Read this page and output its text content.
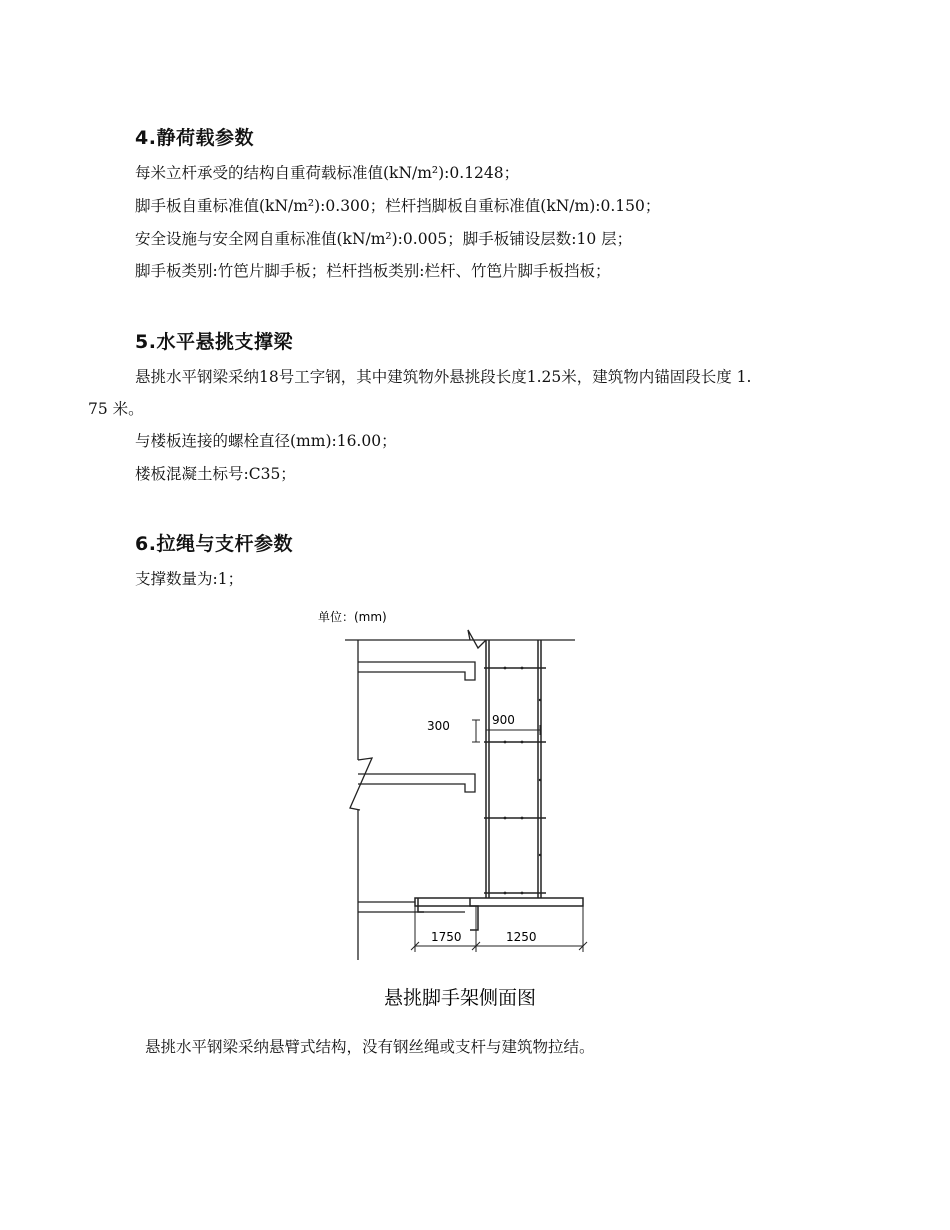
4.静荷载参数
每米立杆承受的结构自重荷载标准值(kN/m²):0.1248；
脚手板自重标准值(kN/m²):0.300；栏杆挡脚板自重标准值(kN/m):0.150；
安全设施与安全网自重标准值(kN/m²):0.005；脚手板铺设层数:10 层；
脚手板类别:竹笆片脚手板；栏杆挡板类别:栏杆、竹笆片脚手板挡板；
5.水平悬挑支撑梁
悬挑水平钢梁采纳18号工字钢，其中建筑物外悬挑段长度1.25米，建筑物内锚固段长度 1.
75 米。
与楼板连接的螺栓直径(mm):16.00；
楼板混凝土标号:C35；
6.拉绳与支杆参数
支撑数量为:1；
单位：(mm)
300	900
1750	1250
悬挑脚手架侧面图
悬挑水平钢梁采纳悬臂式结构，没有钢丝绳或支杆与建筑物拉结。
